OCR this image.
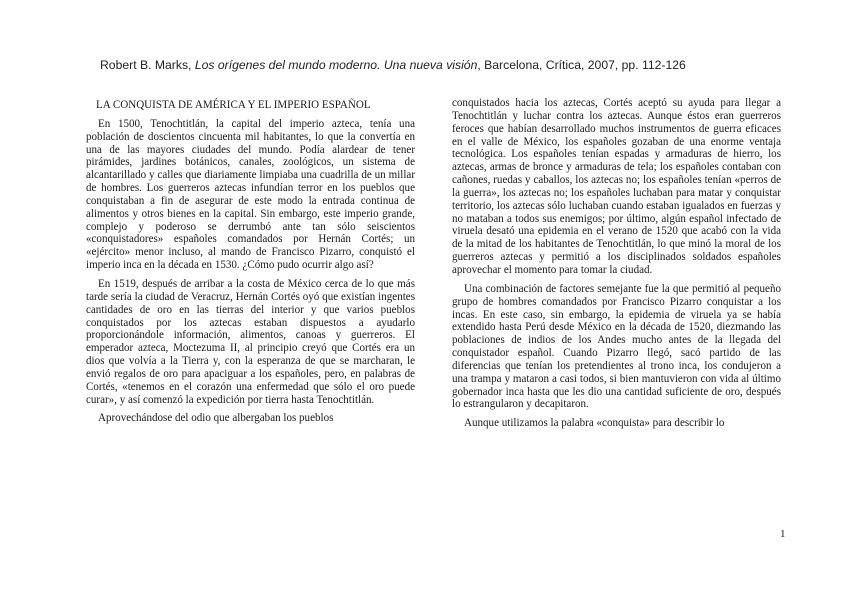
Robert B. Marks, Los orígenes del mundo moderno. Una nueva visión, Barcelona, Crítica, 2007, pp. 112-126
LA CONQUISTA DE AMÉRICA Y EL IMPERIO ESPAÑOL

En 1500, Tenochtitlán, la capital del imperio azteca, tenía una población de doscientos cincuenta mil habitantes, lo que la convertía en una de las mayores ciudades del mundo. Podía alardear de tener pirámides, jardines botánicos, canales, zoológicos, un sistema de alcantarillado y calles que diariamente limpiaba una cuadrilla de un millar de hombres. Los guerreros aztecas infundían terror en los pueblos que conquistaban a fin de asegurar de este modo la entrada continua de alimentos y otros bienes en la capital. Sin embargo, este imperio grande, complejo y poderoso se derrumbó ante tan sólo seiscientos «conquistadores» españoles comandados por Hernán Cortés; un «ejército» menor incluso, al mando de Francisco Pizarro, conquistó el imperio inca en la década en 1530. ¿Cómo pudo ocurrir algo así?

En 1519, después de arribar a la costa de México cerca de lo que más tarde sería la ciudad de Veracruz, Hernán Cortés oyó que existían ingentes cantidades de oro en las tierras del interior y que varios pueblos conquistados por los aztecas estaban dispuestos a ayudarlo proporcionándole información, alimentos, canoas y guerreros. El emperador azteca, Moctezuma II, al principio creyó que Cortés era un dios que volvía a la Tierra y, con la esperanza de que se marcharan, le envió regalos de oro para apaciguar a los españoles, pero, en palabras de Cortés, «tenemos en el corazón una enfermedad que sólo el oro puede curar», y así comenzó la expedición por tierra hasta Tenochtitlán.

Aprovechándose del odio que albergaban los pueblos

conquistados hacia los aztecas, Cortés aceptó su ayuda para llegar a Tenochtitlán y luchar contra los aztecas. Aunque éstos eran guerreros feroces que habían desarrollado muchos instrumentos de guerra eficaces en el valle de México, los españoles gozaban de una enorme ventaja tecnológica. Los españoles tenían espadas y armaduras de hierro, los aztecas, armas de bronce y armaduras de tela; los españoles contaban con cañones, ruedas y caballos, los aztecas no; los españoles tenían «perros de la guerra», los aztecas no; los españoles luchaban para matar y conquistar territorio, los aztecas sólo luchaban cuando estaban igualados en fuerzas y no mataban a todos sus enemigos; por último, algún español infectado de viruela desató una epidemia en el verano de 1520 que acabó con la vida de la mitad de los habitantes de Tenochtitlán, lo que minó la moral de los guerreros aztecas y permitió a los disciplinados soldados españoles aprovechar el momento para tomar la ciudad.

Una combinación de factores semejante fue la que permitió al pequeño grupo de hombres comandados por Francisco Pizarro conquistar a los incas. En este caso, sin embargo, la epidemia de viruela ya se había extendido hasta Perú desde México en la década de 1520, diezmando las poblaciones de indios de los Andes mucho antes de la llegada del conquistador español. Cuando Pizarro llegó, sacó partido de las diferencias que tenían los pretendientes al trono inca, los condujeron a una trampa y mataron a casi todos, si bien mantuvieron con vida al último gobernador inca hasta que les dio una cantidad suficiente de oro, después lo estrangularon y decapitaron.

Aunque utilizamos la palabra «conquista» para describir lo

1
